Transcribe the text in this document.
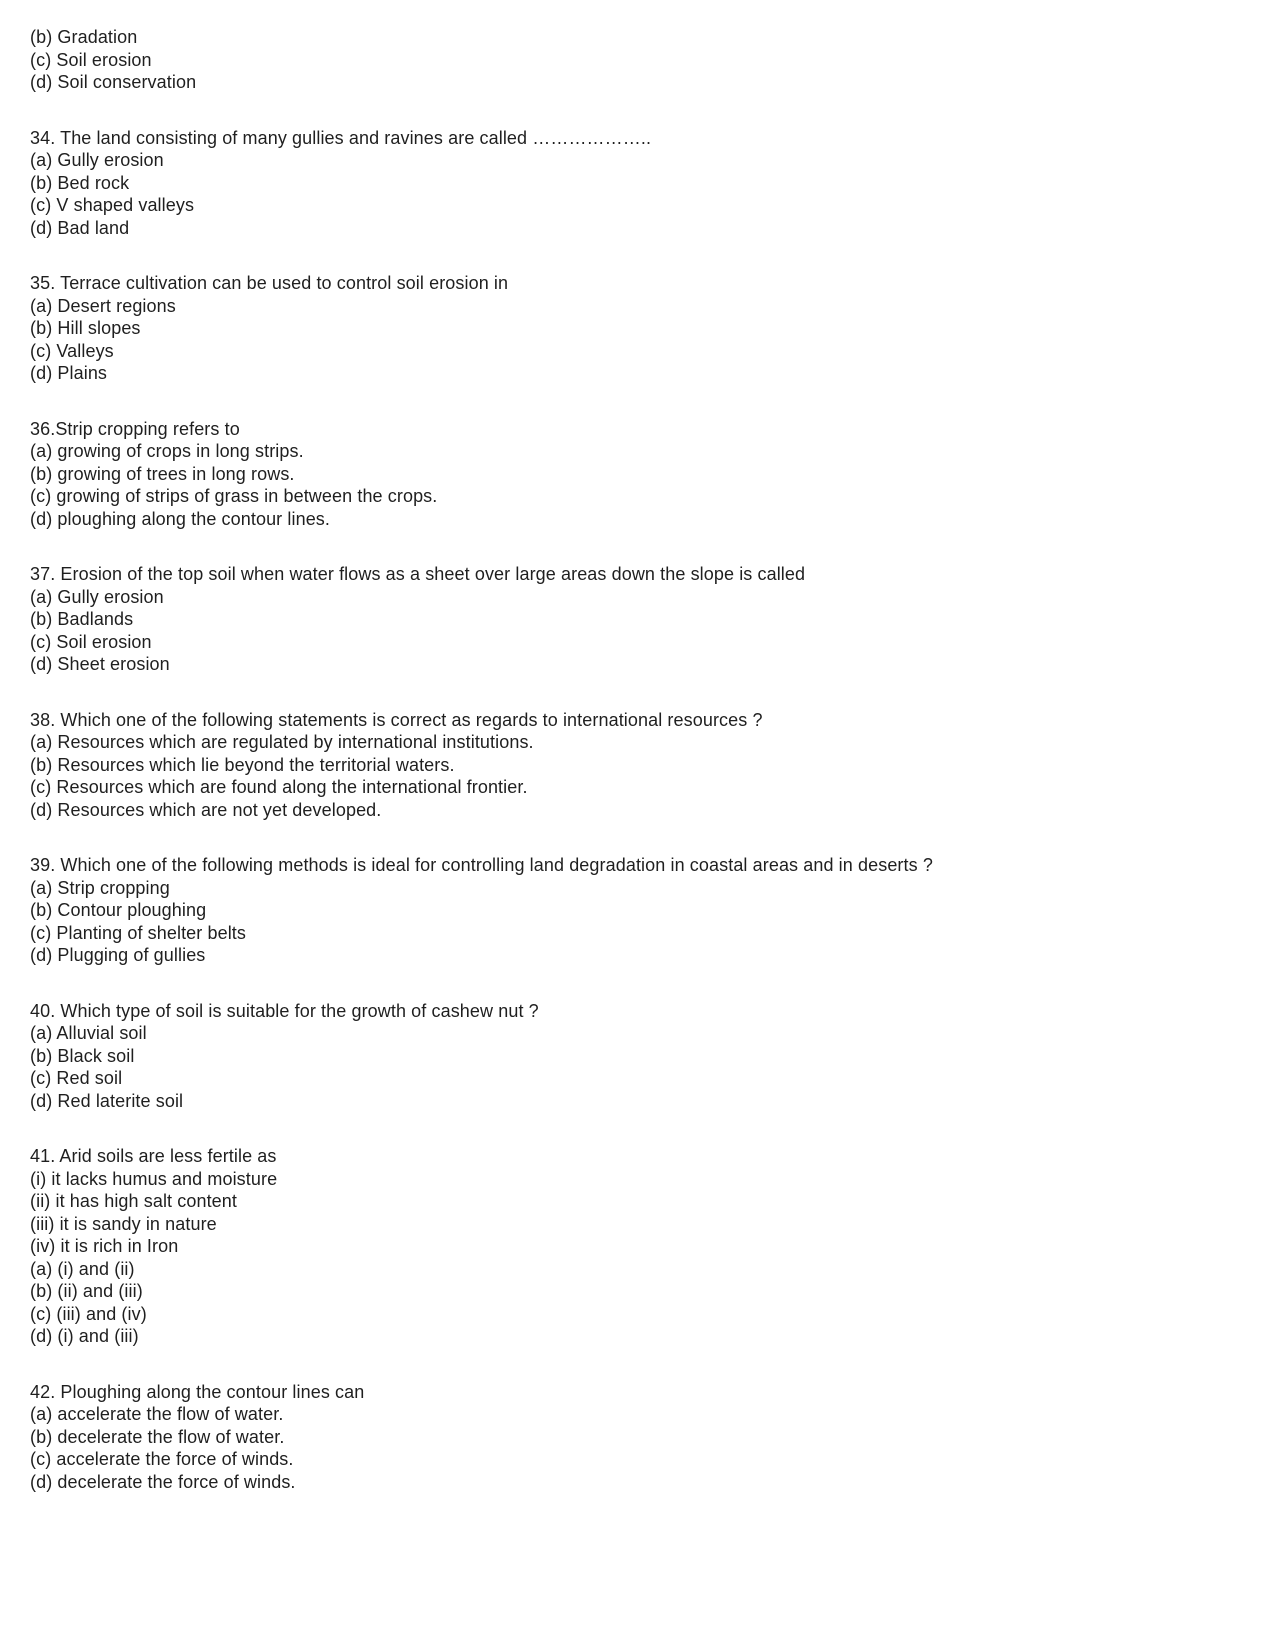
(b) Gradation
(c) Soil erosion
(d) Soil conservation
34. The land consisting of many gullies and ravines are called ………………..
(a) Gully erosion
(b) Bed rock
(c) V shaped valleys
(d) Bad land
35. Terrace cultivation can be used to control soil erosion in
(a) Desert regions
(b) Hill slopes
(c) Valleys
(d) Plains
36.Strip cropping refers to
(a) growing of crops in long strips.
(b) growing of trees in long rows.
(c) growing of strips of grass in between the crops.
(d) ploughing along the contour lines.
37. Erosion of the top soil when water flows as a sheet over large areas down the slope is called
(a) Gully erosion
(b) Badlands
(c) Soil erosion
(d) Sheet erosion
38. Which one of the following statements is correct as regards to international resources ?
(a) Resources which are regulated by international institutions.
(b) Resources which lie beyond the territorial waters.
(c) Resources which are found along the international frontier.
(d) Resources which are not yet developed.
39. Which one of the following methods is ideal for controlling land degradation in coastal areas and in deserts ?
(a) Strip cropping
(b) Contour ploughing
(c) Planting of shelter belts
(d) Plugging of gullies
40. Which type of soil is suitable for the growth of cashew nut ?
(a) Alluvial soil
(b) Black soil
(c) Red soil
(d) Red laterite soil
41. Arid soils are less fertile as
(i) it lacks humus and moisture
(ii) it has high salt content
(iii) it is sandy in nature
(iv) it is rich in Iron
(a) (i) and (ii)
(b) (ii) and (iii)
(c) (iii) and (iv)
(d) (i) and (iii)
42. Ploughing along the contour lines can
(a) accelerate the flow of water.
(b) decelerate the flow of water.
(c) accelerate the force of winds.
(d) decelerate the force of winds.
